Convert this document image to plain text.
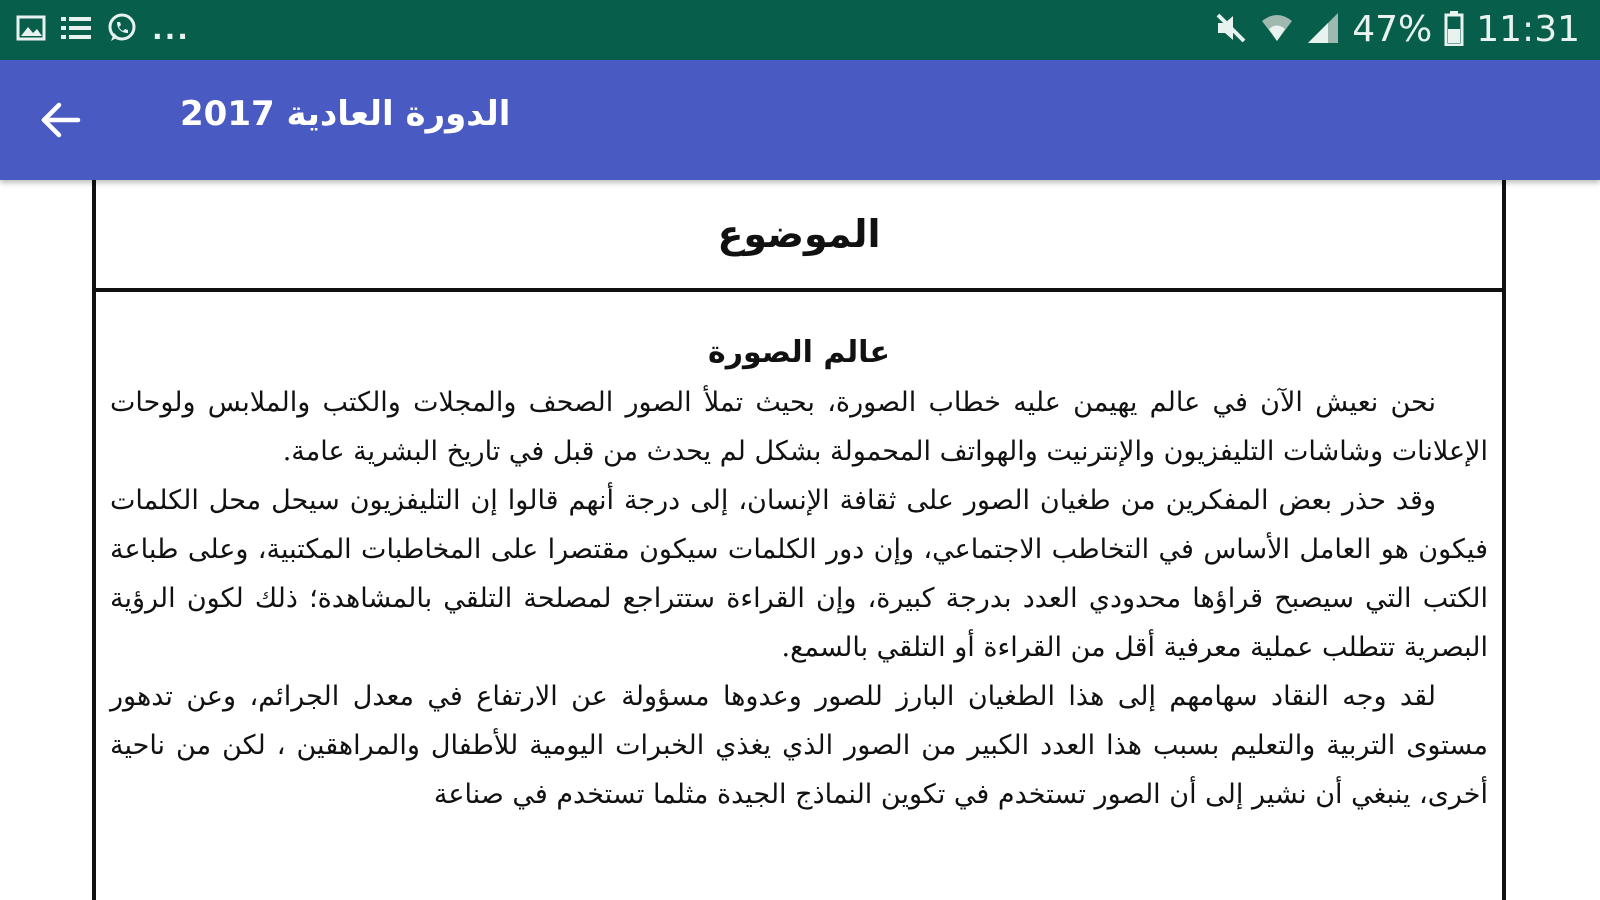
...	47% 11:31
الدورة العادية 2017
الموضوع
عالم الصورة

نحن نعيش الآن في عالم يهيمن عليه خطاب الصورة، بحيث تملأ الصور الصحف والمجلات والكتب والملابس ولوحات الإعلانات وشاشات التليفزيون والإنترنيت والهواتف المحمولة بشكل لم يحدث من قبل في تاريخ البشرية عامة.

وقد حذر بعض المفكرين من طغيان الصور على ثقافة الإنسان، إلى درجة أنهم قالوا إن التليفزيون سيحل محل الكلمات فيكون هو العامل الأساس في التخاطب الاجتماعي، وإن دور الكلمات سيكون مقتصرا على المخاطبات المكتبية، وعلى طباعة الكتب التي سيصبح قراؤها محدودي العدد بدرجة كبيرة، وإن القراءة ستتراجع لمصلحة التلقي بالمشاهدة؛ ذلك لكون الرؤية البصرية تتطلب عملية معرفية أقل من القراءة أو التلقي بالسمع.

لقد وجه النقاد سهامهم إلى هذا الطغيان البارز للصور وعدوها مسؤولة عن الارتفاع في معدل الجرائم، وعن تدهور مستوى التربية والتعليم بسبب هذا العدد الكبير من الصور الذي يغذي الخبرات اليومية للأطفال والمراهقين ، لكن من ناحية أخرى، ينبغي أن نشير إلى أن الصور تستخدم في تكوين النماذج الجيدة مثلما تستخدم في صناعة
